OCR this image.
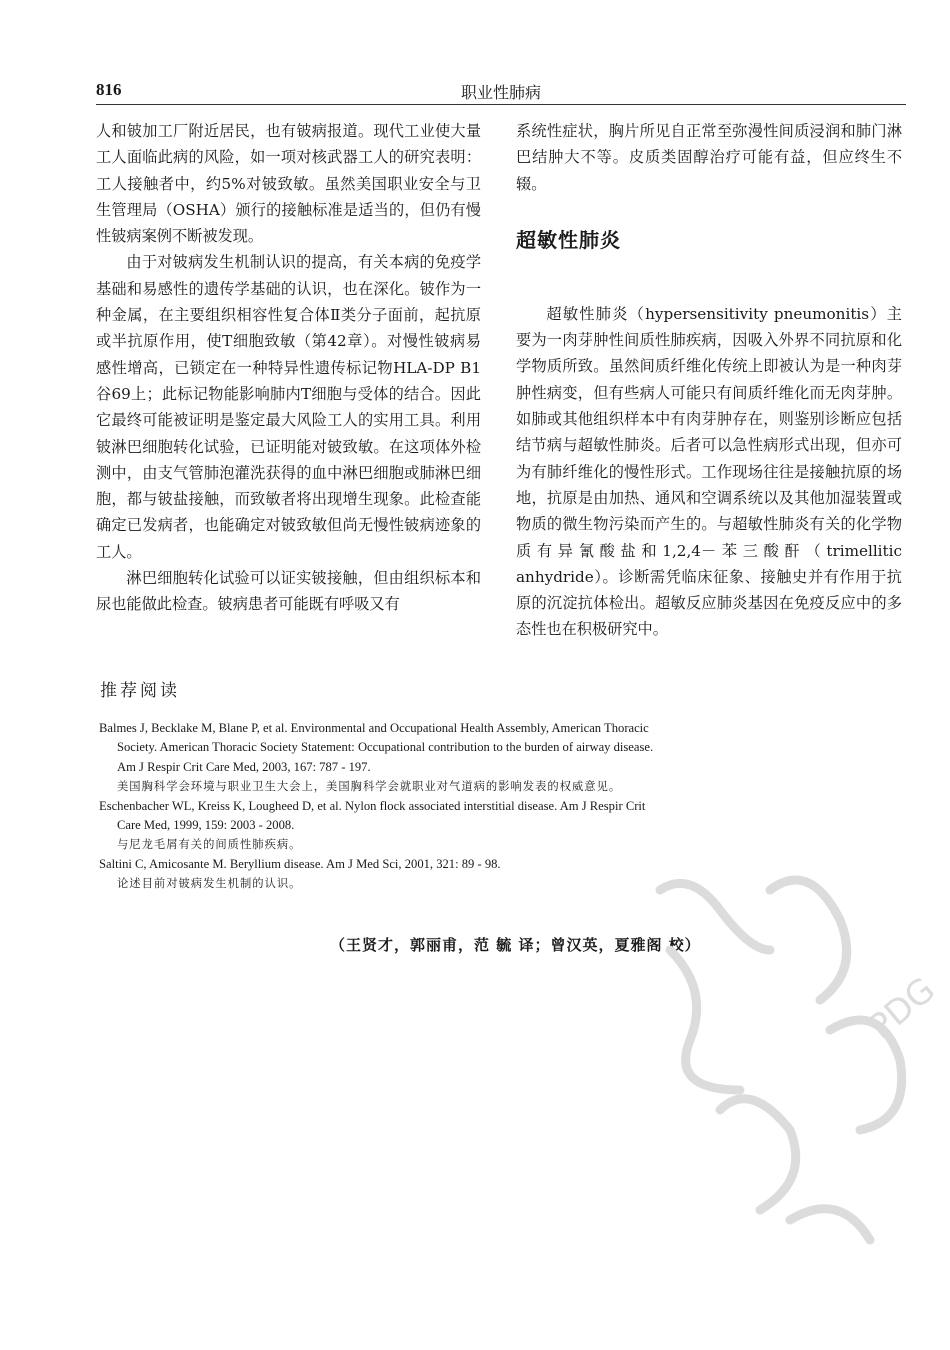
816	职业性肺病

人和铍加工厂附近居民，也有铍病报道。现代工业使大量工人面临此病的风险，如一项对核武器工人的研究表明：工人接触者中，约5%对铍致敏。虽然美国职业安全与卫生管理局（OSHA）颁行的接触标准是适当的，但仍有慢性铍病案例不断被发现。

由于对铍病发生机制认识的提高，有关本病的免疫学基础和易感性的遗传学基础的认识，也在深化。铍作为一种金属，在主要组织相容性复合体Ⅱ类分子面前，起抗原或半抗原作用，使T细胞致敏（第42章）。对慢性铍病易感性增高，已锁定在一种特异性遗传标记物HLA-DP B1谷69上；此标记物能影响肺内T细胞与受体的结合。因此它最终可能被证明是鉴定最大风险工人的实用工具。利用铍淋巴细胞转化试验，已证明能对铍致敏。在这项体外检测中，由支气管肺泡灌洗获得的血中淋巴细胞或肺淋巴细胞，都与铍盐接触，而致敏者将出现增生现象。此检查能确定已发病者，也能确定对铍致敏但尚无慢性铍病迹象的工人。

淋巴细胞转化试验可以证实铍接触，但由组织标本和尿也能做此检查。铍病患者可能既有呼吸又有

系统性症状，胸片所见自正常至弥漫性间质浸润和肺门淋巴结肿大不等。皮质类固醇治疗可能有益，但应终生不辍。

超敏性肺炎（hypersensitivity pneumonitis）主要为一肉芽肿性间质性肺疾病，因吸入外界不同抗原和化学物质所致。虽然间质纤维化传统上即被认为是一种肉芽肿性病变，但有些病人可能只有间质纤维化而无肉芽肿。如肺或其他组织样本中有肉芽肿存在，则鉴别诊断应包括结节病与超敏性肺炎。后者可以急性病形式出现，但亦可为有肺纤维化的慢性形式。工作现场往往是接触抗原的场地，抗原是由加热、通风和空调系统以及其他加湿装置或物质的微生物污染而产生的。与超敏性肺炎有关的化学物质有异氰酸盐和1,2,4－苯三酸酐（trimellitic anhydride）。诊断需凭临床征象、接触史并有作用于抗原的沉淀抗体检出。超敏反应肺炎基因在免疫反应中的多态性也在积极研究中。

超敏性肺炎
推荐阅读
Balmes J, Becklake M, Blane P, et al. Environmental and Occupational Health Assembly, American Thoracic
Society. American Thoracic Society Statement: Occupational contribution to the burden of airway disease.
Am J Respir Crit Care Med, 2003, 167: 787 - 197.
美国胸科学会环境与职业卫生大会上，美国胸科学会就职业对气道病的影响发表的权威意见。
Eschenbacher WL, Kreiss K, Lougheed D, et al. Nylon flock associated interstitial disease. Am J Respir Crit
Care Med, 1999, 159: 2003 - 2008.
与尼龙毛屑有关的间质性肺疾病。
Saltini C, Amicosante M. Beryllium disease. Am J Med Sci, 2001, 321: 89 - 98.
论述目前对铍病发生机制的认识。
（王贤才，郭丽甫，范 毓 译；曾汉英，夏雅阁 校）
PDG
